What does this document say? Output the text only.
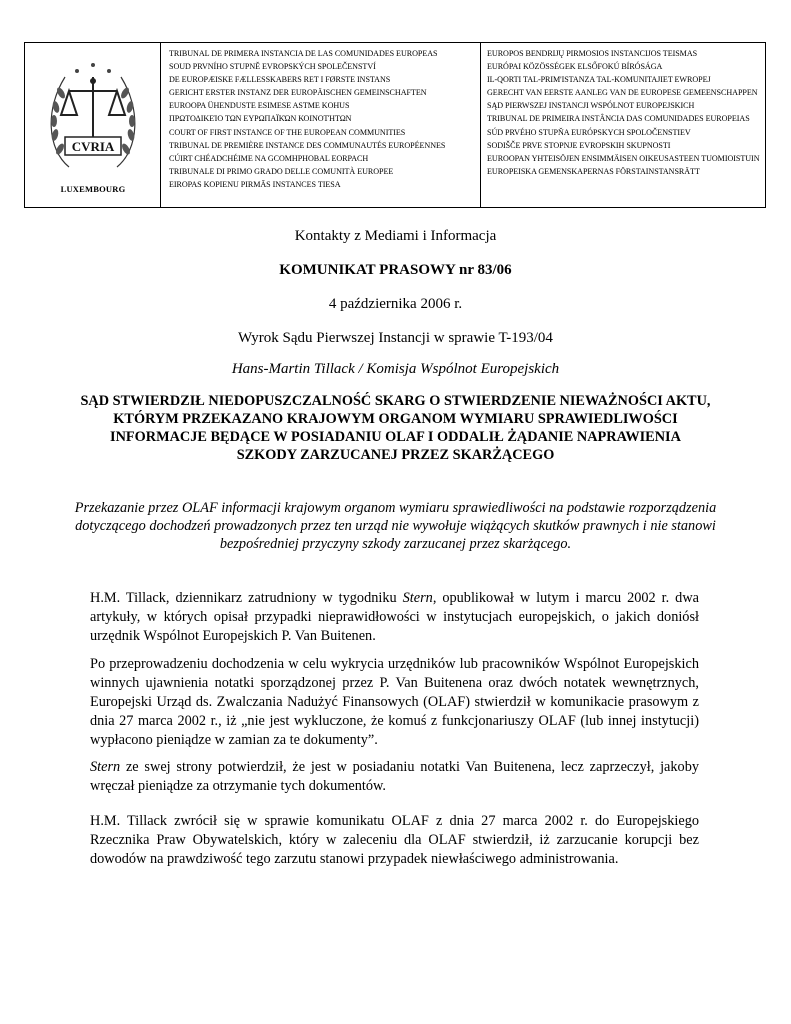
CVRIA
LUXEMBOURG
TRIBUNAL DE PRIMERA INSTANCIA DE LAS COMUNIDADES EUROPEAS
SOUD PRVNÍHO STUPNĚ EVROPSKÝCH SPOLEČENSTVÍ
DE EUROPÆISKE FÆLLESSKABERS RET I FØRSTE INSTANS
GERICHT ERSTER INSTANZ DER EUROPÄISCHEN GEMEINSCHAFTEN
EUROOPA ÜHENDUSTE ESIMESE ASTME KOHUS
ΠΡΩΤΟΔΙΚΕΊΟ ΤΩΝ ΕΥΡΩΠΑΪΚΏΝ ΚΟΙΝΟΤΉΤΩΝ
COURT OF FIRST INSTANCE OF THE EUROPEAN COMMUNITIES
TRIBUNAL DE PREMIÈRE INSTANCE DES COMMUNAUTÉS EUROPÉENNES
CÚIRT CHÉADCHÉIME NA GCOMHPHOBAL EORPACH
TRIBUNALE DI PRIMO GRADO DELLE COMUNITÀ EUROPEE
EIROPAS KOPIENU PIRMĀS INSTANCES TIESA
EUROPOS BENDRIJŲ PIRMOSIOS INSTANCIJOS TEISMAS
EURÓPAI KÖZÖSSÉGEK ELSŐFOKÚ BÍRÓSÁGA
IL-QORTI TAL-PRIM'ISTANZA TAL-KOMUNITAJIET EWROPEJ
GERECHT VAN EERSTE AANLEG VAN DE EUROPESE GEMEENSCHAPPEN
SĄD PIERWSZEJ INSTANCJI WSPÓLNOT EUROPEJSKICH
TRIBUNAL DE PRIMEIRA INSTÂNCIA DAS COMUNIDADES EUROPEIAS
SÚD PRVÉHO STUPŇA EURÓPSKYCH SPOLOČENSTIEV
SODIŠČE PRVE STOPNJE EVROPSKIH SKUPNOSTI
EUROOPAN YHTEISÖJEN ENSIMMÄISEN OIKEUSASTEEN TUOMIOISTUIN
EUROPEISKA GEMENSKAPERNAS FÖRSTAINSTANSRÄTT
Kontakty z Mediami i Informacja
KOMUNIKAT PRASOWY nr 83/06
4 października 2006 r.
Wyrok Sądu Pierwszej Instancji w sprawie T-193/04
Hans-Martin Tillack / Komisja Wspólnot Europejskich
SĄD STWIERDZIŁ NIEDOPUSZCZALNOŚĆ SKARG O STWIERDZENIE NIEWAŻNOŚCI AKTU, KTÓRYM PRZEKAZANO KRAJOWYM ORGANOM WYMIARU SPRAWIEDLIWOŚCI INFORMACJE BĘDĄCE W POSIADANIU OLAF I ODDALIŁ ŻĄDANIE NAPRAWIENIA SZKODY ZARZUCANEJ PRZEZ SKARŻĄCEGO
Przekazanie przez OLAF informacji krajowym organom wymiaru sprawiedliwości na podstawie rozporządzenia dotyczącego dochodzeń prowadzonych przez ten urząd nie wywołuje wiążących skutków prawnych i nie stanowi bezpośredniej przyczyny szkody zarzucanej przez skarżącego.

H.M. Tillack, dziennikarz zatrudniony w tygodniku Stern, opublikował w lutym i marcu 2002 r. dwa artykuły, w których opisał przypadki nieprawidłowości w instytucjach europejskich, o jakich doniósł urzędnik Wspólnot Europejskich P. Van Buitenen.

Po przeprowadzeniu dochodzenia w celu wykrycia urzędników lub pracowników Wspólnot Europejskich winnych ujawnienia notatki sporządzonej przez P. Van Buitenena oraz dwóch notatek wewnętrznych, Europejski Urząd ds. Zwalczania Nadużyć Finansowych (OLAF) stwierdził w komunikacie prasowym z dnia 27 marca 2002 r., iż „nie jest wykluczone, że komuś z funkcjonariuszy OLAF (lub innej instytucji) wypłacono pieniądze w zamian za te dokumenty”.

Stern ze swej strony potwierdził, że jest w posiadaniu notatki Van Buitenena, lecz zaprzeczył, jakoby wręczał pieniądze za otrzymanie tych dokumentów.

H.M. Tillack zwrócił się w sprawie komunikatu OLAF z dnia 27 marca 2002 r. do Europejskiego Rzecznika Praw Obywatelskich, który w zaleceniu dla OLAF stwierdził, iż zarzucanie korupcji bez dowodów na prawdziwość tego zarzutu stanowi przypadek niewłaściwego administrowania.
